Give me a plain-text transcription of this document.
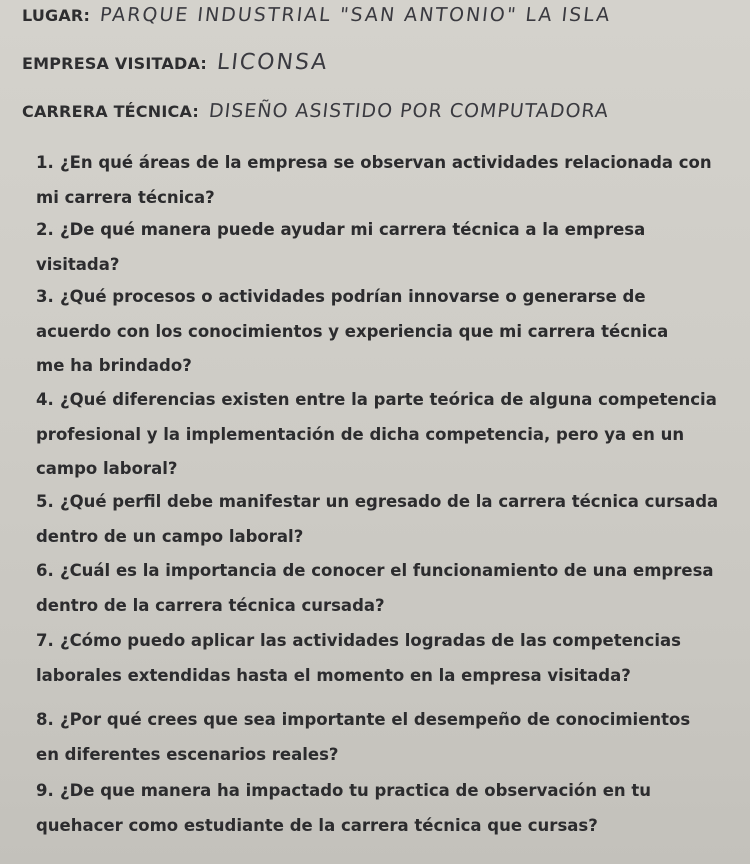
LUGAR: PARQUE INDUSTRIAL "SAN ANTONIO" LA ISLA
EMPRESA VISITADA: LICONSA
CARRERA TÉCNICA: DISEÑO ASISTIDO POR COMPUTADORA
1. ¿En qué áreas de la empresa se observan actividades relacionada con
mi carrera técnica?
2. ¿De qué manera puede ayudar mi carrera técnica a la empresa
visitada?
3. ¿Qué procesos o actividades podrían innovarse o generarse de
acuerdo con los conocimientos y experiencia que mi carrera técnica
me ha brindado?
4. ¿Qué diferencias existen entre la parte teórica de alguna competencia
profesional y la implementación de dicha competencia, pero ya en un
campo laboral?
5. ¿Qué perfil debe manifestar un egresado de la carrera técnica cursada
dentro de un campo laboral?
6. ¿Cuál es la importancia de conocer el funcionamiento de una empresa
dentro de la carrera técnica cursada?
7. ¿Cómo puedo aplicar las actividades logradas de las competencias
laborales extendidas hasta el momento en la empresa visitada?
8. ¿Por qué crees que sea importante el desempeño de conocimientos
en diferentes escenarios reales?
9. ¿De que manera ha impactado tu practica de observación en tu
quehacer como estudiante de la carrera técnica que cursas?
